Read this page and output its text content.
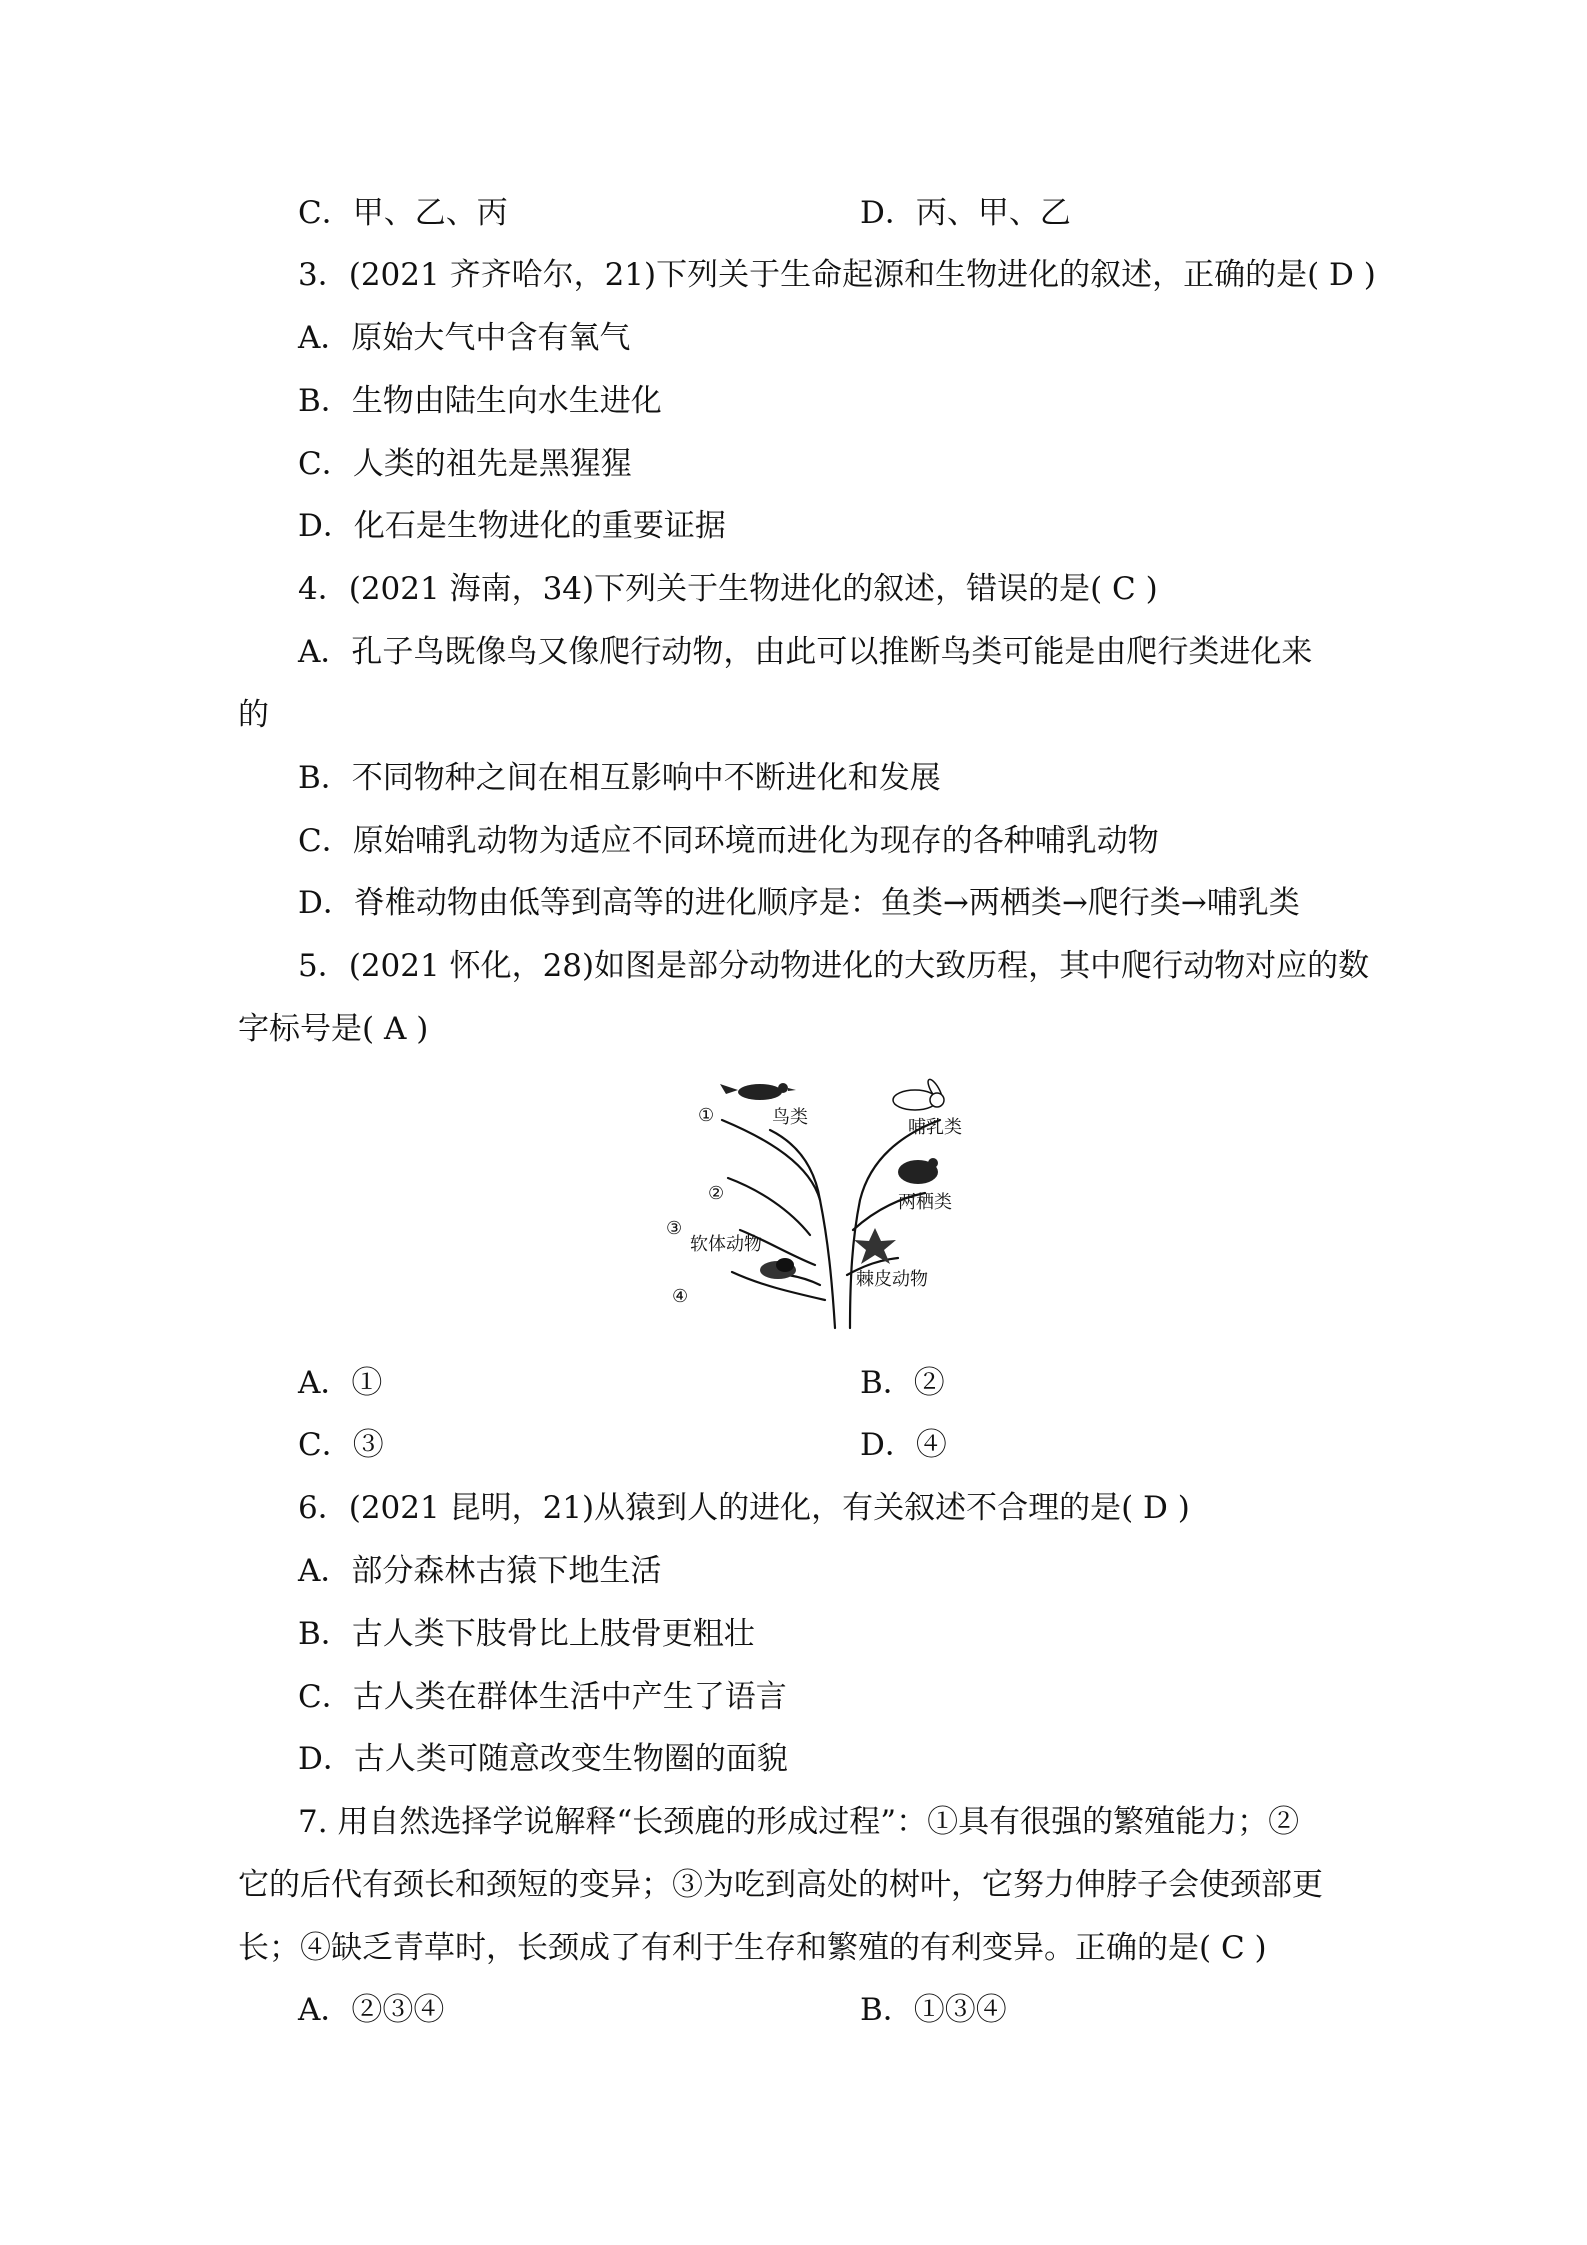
C．甲、乙、丙	D．丙、甲、乙
3．(2021 齐齐哈尔，21)下列关于生命起源和生物进化的叙述，正确的是( D )
A．原始大气中含有氧气
B．生物由陆生向水生进化
C．人类的祖先是黑猩猩
D．化石是生物进化的重要证据
4．(2021 海南，34)下列关于生物进化的叙述，错误的是( C )
A．孔子鸟既像鸟又像爬行动物，由此可以推断鸟类可能是由爬行类进化来
的
B．不同物种之间在相互影响中不断进化和发展
C．原始哺乳动物为适应不同环境而进化为现存的各种哺乳动物
D．脊椎动物由低等到高等的进化顺序是：鱼类→两栖类→爬行类→哺乳类
5．(2021 怀化，28)如图是部分动物进化的大致历程，其中爬行动物对应的数
字标号是( A )
鸟类	哺乳类
两栖类
软体动物
棘皮动物
①
②
③
④
A．①	B．②
C．③	D．④
6．(2021 昆明，21)从猿到人的进化，有关叙述不合理的是( D )
A．部分森林古猿下地生活
B．古人类下肢骨比上肢骨更粗壮
C．古人类在群体生活中产生了语言
D．古人类可随意改变生物圈的面貌
7. 用自然选择学说解释“长颈鹿的形成过程”：①具有很强的繁殖能力；②
它的后代有颈长和颈短的变异；③为吃到高处的树叶，它努力伸脖子会使颈部更
长；④缺乏青草时，长颈成了有利于生存和繁殖的有利变异。正确的是( C )
A．②③④	B．①③④
